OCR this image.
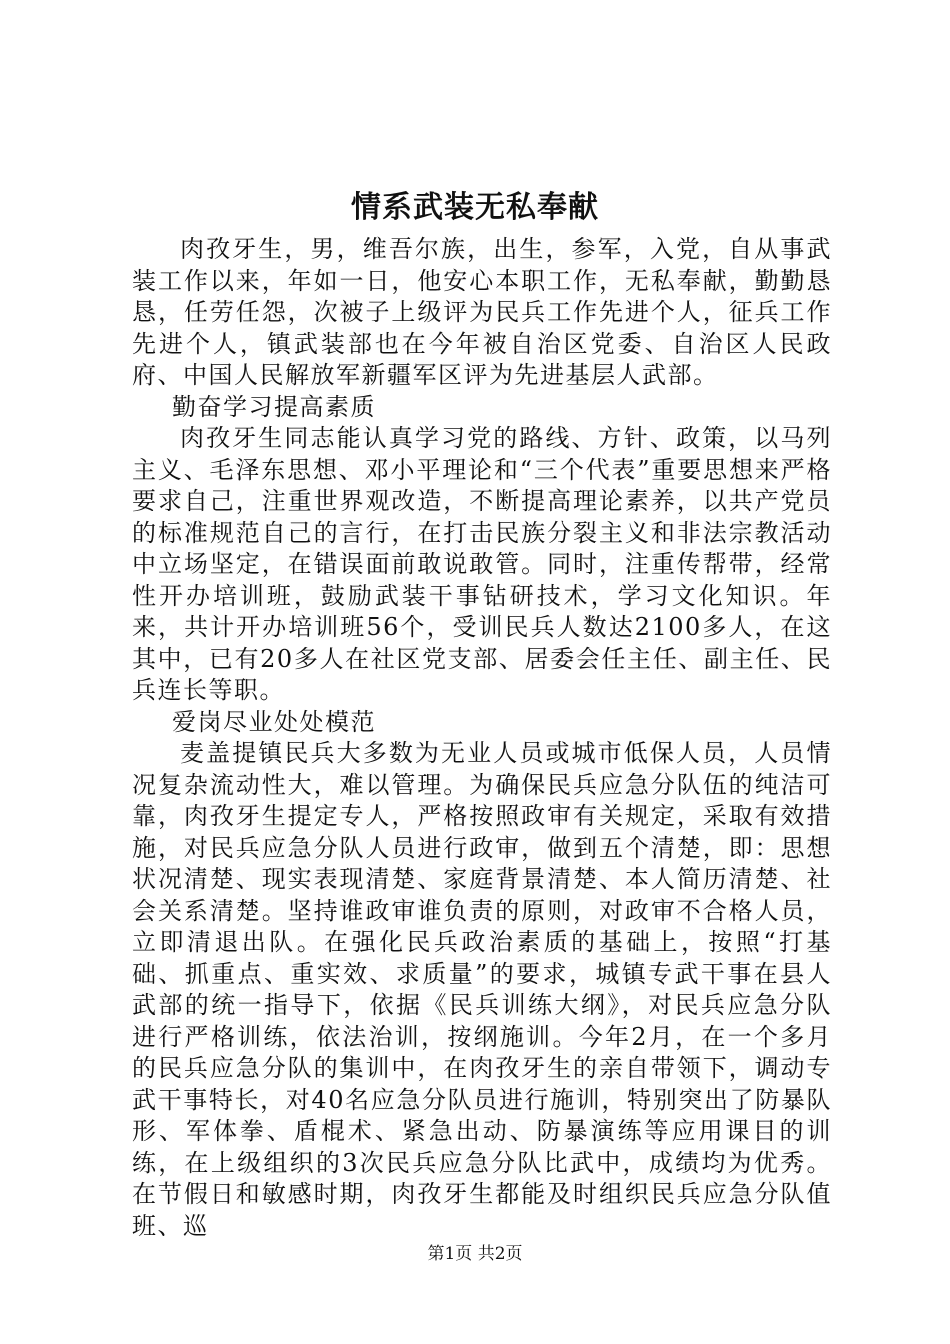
情系武装无私奉献

肉孜牙生，男，维吾尔族，出生，参军，入党，自从事武装工作以来，年如一日，他安心本职工作，无私奉献，勤勤恳恳，任劳任怨，次被子上级评为民兵工作先进个人，征兵工作先进个人，镇武装部也在今年被自治区党委、自治区人民政府、中国人民解放军新疆军区评为先进基层人武部。

勤奋学习提高素质

肉孜牙生同志能认真学习党的路线、方针、政策，以马列主义、毛泽东思想、邓小平理论和“三个代表”重要思想来严格要求自己，注重世界观改造，不断提高理论素养，以共产党员的标准规范自己的言行，在打击民族分裂主义和非法宗教活动中立场坚定，在错误面前敢说敢管。同时，注重传帮带，经常性开办培训班，鼓励武装干事钻研技术，学习文化知识。年来，共计开办培训班56个，受训民兵人数达2100多人，在这其中，已有20多人在社区党支部、居委会任主任、副主任、民兵连长等职。

爱岗尽业处处模范

麦盖提镇民兵大多数为无业人员或城市低保人员，人员情况复杂流动性大，难以管理。为确保民兵应急分队伍的纯洁可靠，肉孜牙生提定专人，严格按照政审有关规定，采取有效措施，对民兵应急分队人员进行政审，做到五个清楚，即：思想状况清楚、现实表现清楚、家庭背景清楚、本人简历清楚、社会关系清楚。坚持谁政审谁负责的原则，对政审不合格人员，立即清退出队。在强化民兵政治素质的基础上，按照“打基础、抓重点、重实效、求质量”的要求，城镇专武干事在县人武部的统一指导下，依据《民兵训练大纲》，对民兵应急分队进行严格训练，依法治训，按纲施训。今年2月，在一个多月的民兵应急分队的集训中，在肉孜牙生的亲自带领下，调动专武干事特长，对40名应急分队员进行施训，特别突出了防暴队形、军体拳、盾棍术、紧急出动、防暴演练等应用课目的训练，在上级组织的3次民兵应急分队比武中，成绩均为优秀。在节假日和敏感时期，肉孜牙生都能及时组织民兵应急分队值班、巡

第1页 共2页
